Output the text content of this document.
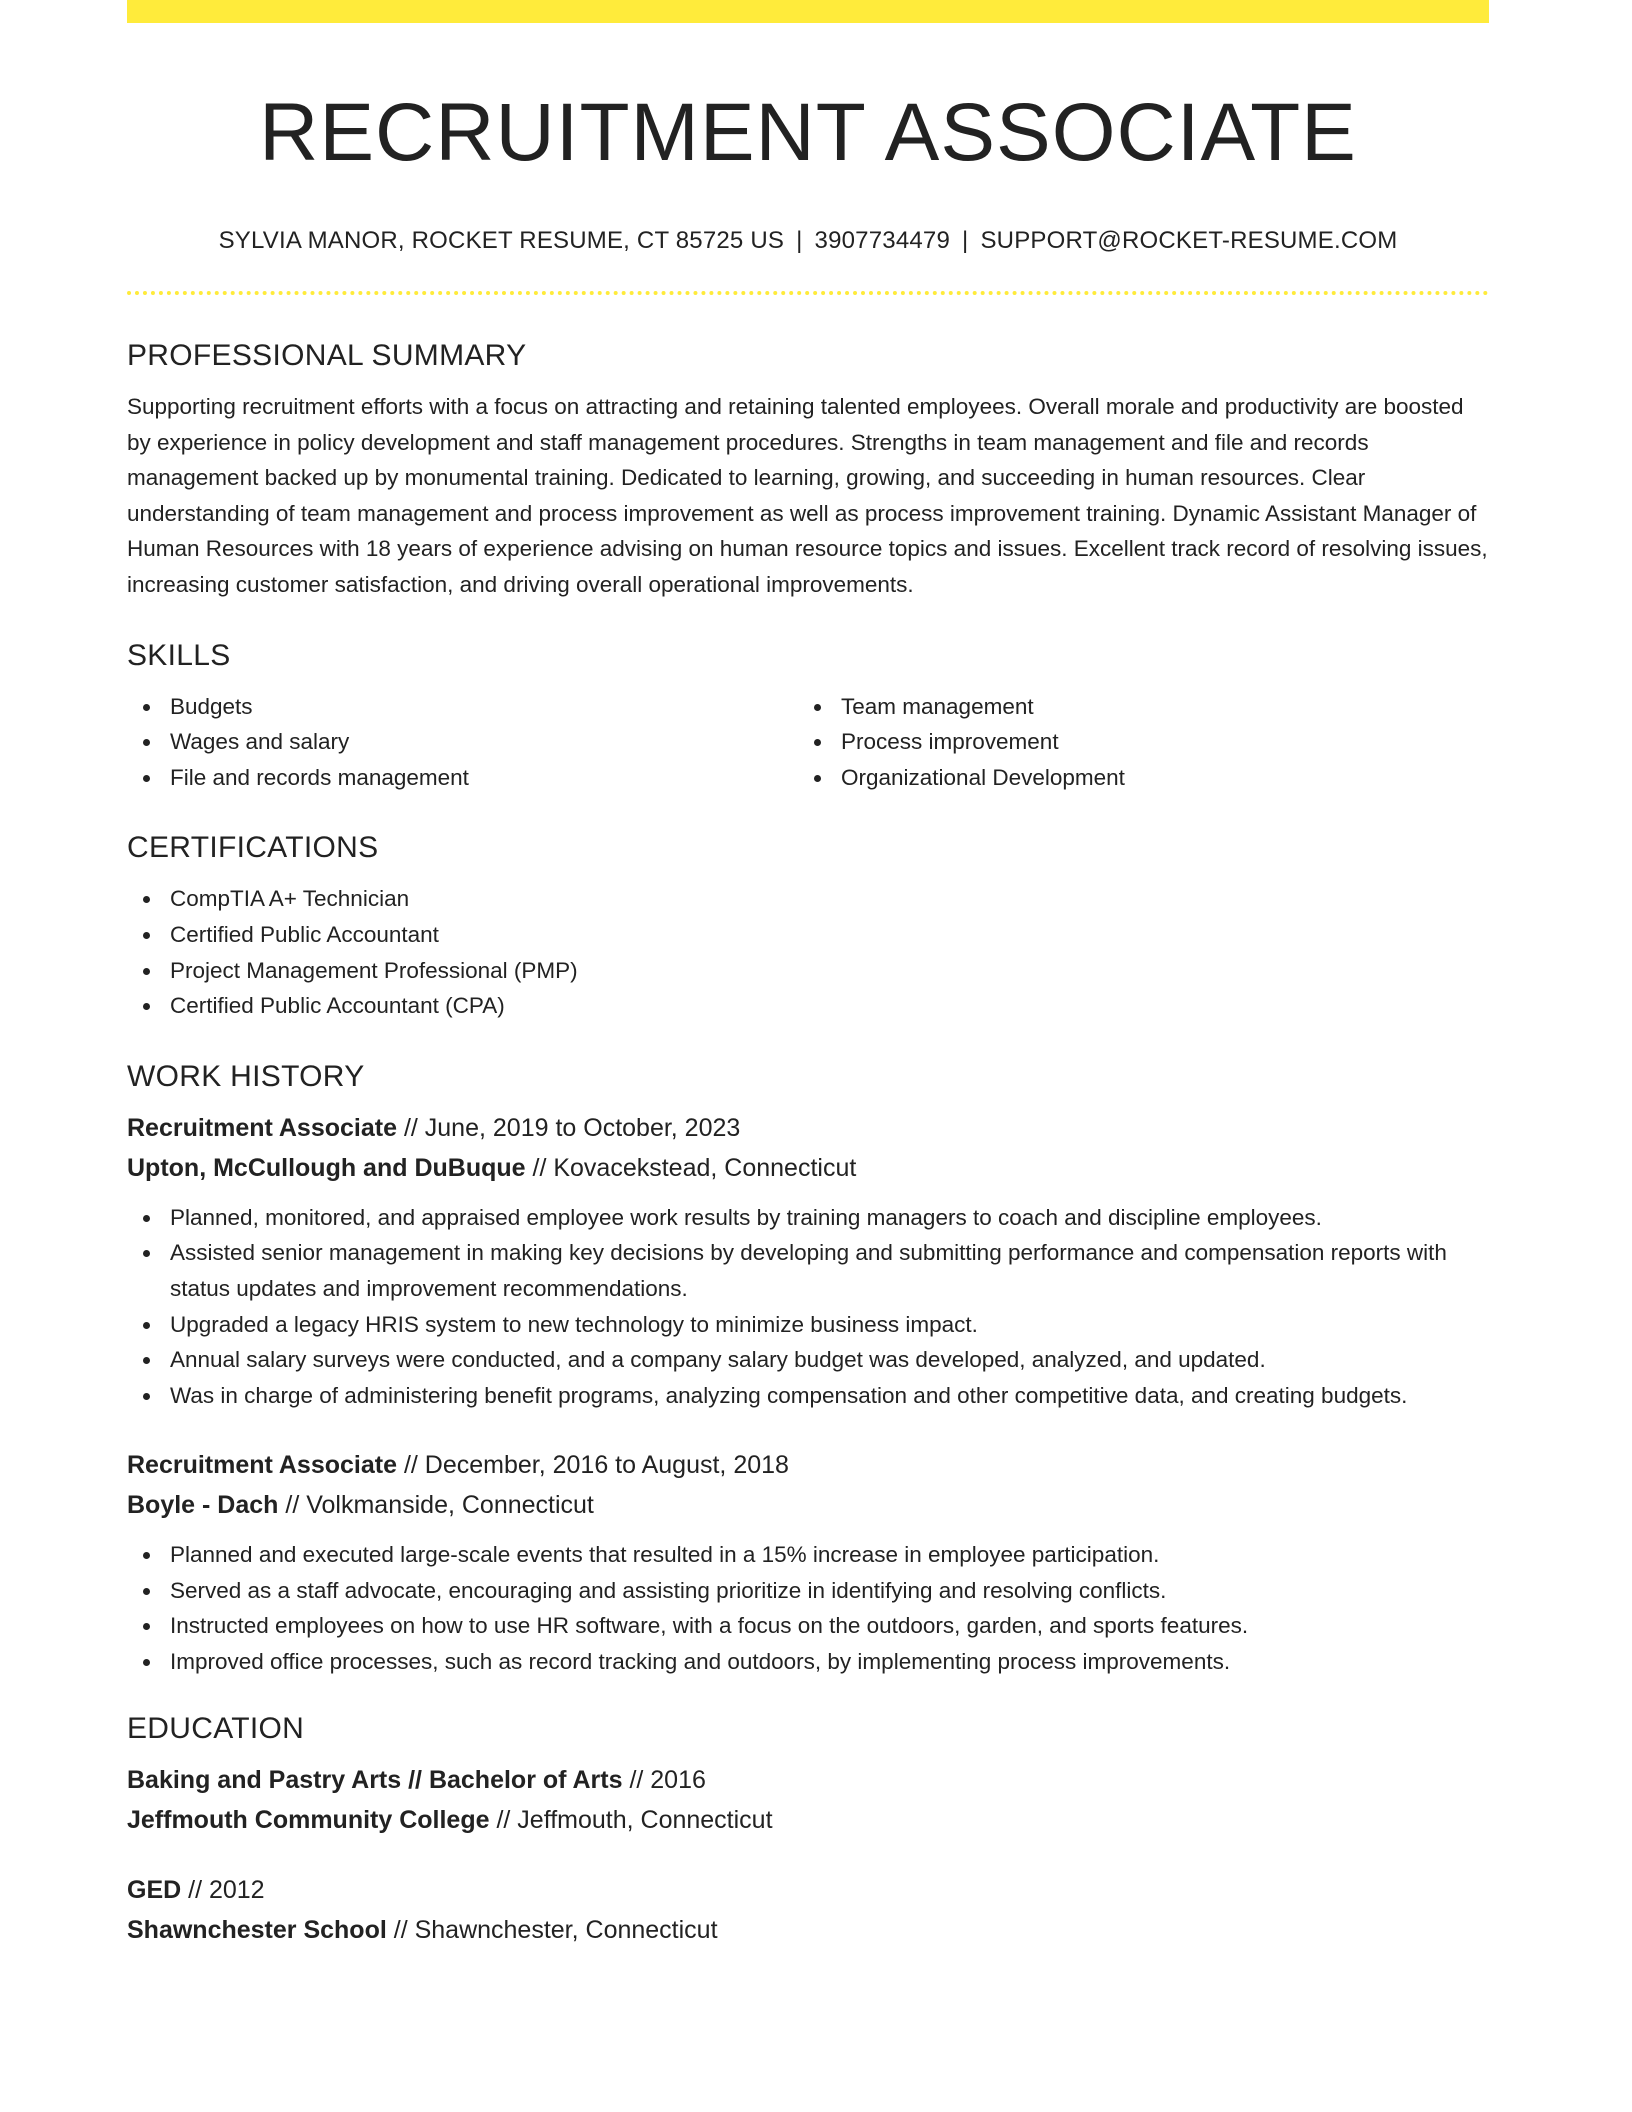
RECRUITMENT ASSOCIATE
SYLVIA MANOR, ROCKET RESUME, CT 85725 US | 3907734479 | SUPPORT@ROCKET-RESUME.COM
PROFESSIONAL SUMMARY

Supporting recruitment efforts with a focus on attracting and retaining talented employees. Overall morale and productivity are boosted by experience in policy development and staff management procedures. Strengths in team management and file and records management backed up by monumental training. Dedicated to learning, growing, and succeeding in human resources. Clear understanding of team management and process improvement as well as process improvement training. Dynamic Assistant Manager of Human Resources with 18 years of experience advising on human resource topics and issues. Excellent track record of resolving issues, increasing customer satisfaction, and driving overall operational improvements.

SKILLS
Budgets
Wages and salary
File and records management
Team management
Process improvement
Organizational Development
CERTIFICATIONS
CompTIA A+ Technician
Certified Public Accountant
Project Management Professional (PMP)
Certified Public Accountant (CPA)
WORK HISTORY
Recruitment Associate // June, 2019 to October, 2023
Upton, McCullough and DuBuque // Kovacekstead, Connecticut
Planned, monitored, and appraised employee work results by training managers to coach and discipline employees.
Assisted senior management in making key decisions by developing and submitting performance and compensation reports with status updates and improvement recommendations.
Upgraded a legacy HRIS system to new technology to minimize business impact.
Annual salary surveys were conducted, and a company salary budget was developed, analyzed, and updated.
Was in charge of administering benefit programs, analyzing compensation and other competitive data, and creating budgets.
Recruitment Associate // December, 2016 to August, 2018
Boyle - Dach // Volkmanside, Connecticut
Planned and executed large-scale events that resulted in a 15% increase in employee participation.
Served as a staff advocate, encouraging and assisting prioritize in identifying and resolving conflicts.
Instructed employees on how to use HR software, with a focus on the outdoors, garden, and sports features.
Improved office processes, such as record tracking and outdoors, by implementing process improvements.
EDUCATION
Baking and Pastry Arts // Bachelor of Arts // 2016
Jeffmouth Community College // Jeffmouth, Connecticut
GED // 2012
Shawnchester School // Shawnchester, Connecticut
